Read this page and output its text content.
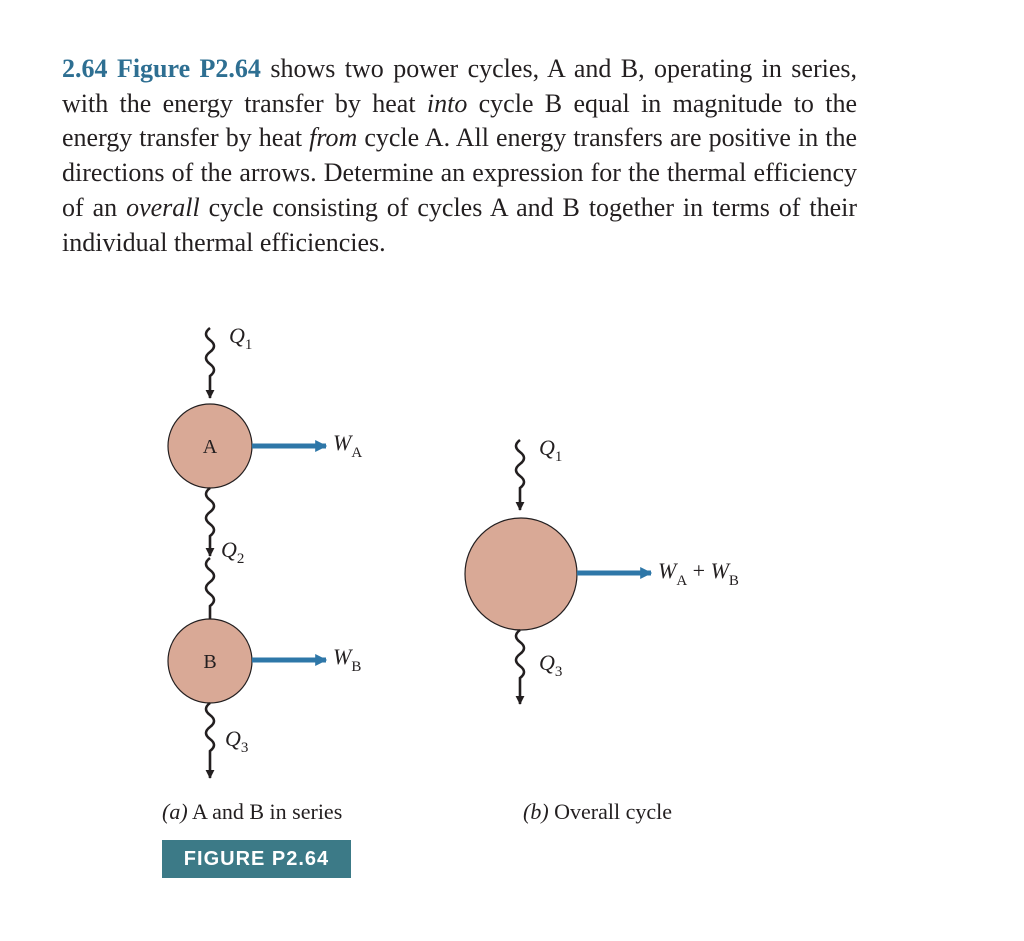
2.64 Figure P2.64 shows two power cycles, A and B, operating in series, with the energy transfer by heat into cycle B equal in magnitude to the energy transfer by heat from cycle A. All energy transfers are positive in the directions of the arrows. Determine an expression for the thermal efficiency of an overall cycle consisting of cycles A and B together in terms of their individual thermal efficiencies.
$Q_1$
A	$W_A$
$Q_2$
B	$W_B$
$Q_3$
(a) A and B in series
$Q_1$
$W_A + W_B$
$Q_3$
(b) Overall cycle
FIGURE P2.64
